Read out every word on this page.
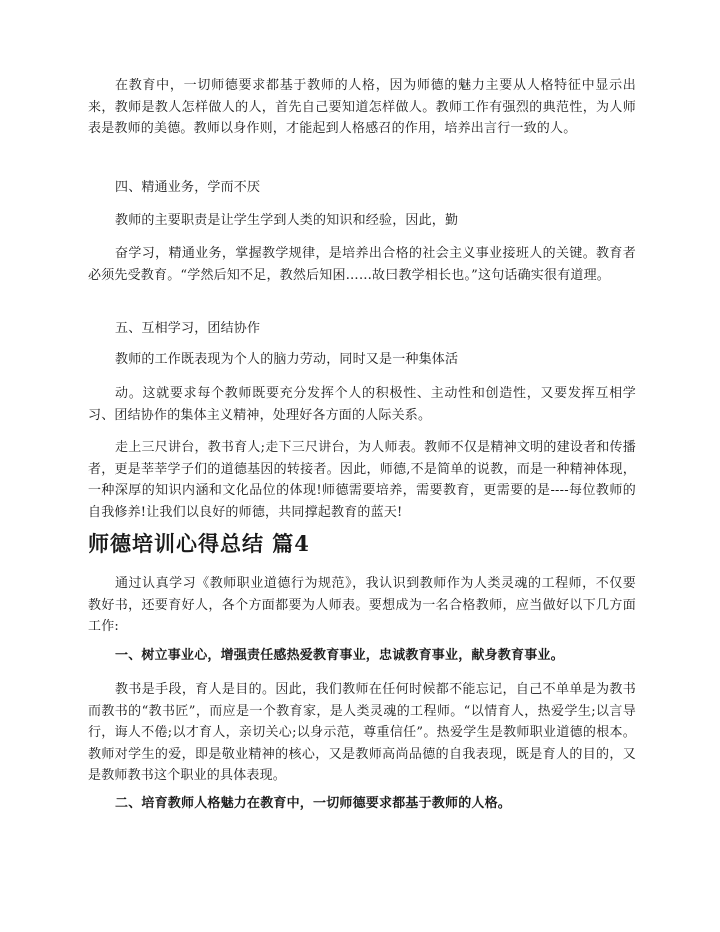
在教育中，一切师德要求都基于教师的人格，因为师德的魅力主要从人格特征中显示出来，教师是教人怎样做人的人，首先自己要知道怎样做人。教师工作有强烈的典范性，为人师表是教师的美德。教师以身作则，才能起到人格感召的作用，培养出言行一致的人。

四、精通业务，学而不厌

教师的主要职责是让学生学到人类的知识和经验，因此，勤

奋学习，精通业务，掌握教学规律，是培养出合格的社会主义事业接班人的关键。教育者必须先受教育。“学然后知不足，教然后知困……故曰教学相长也。”这句话确实很有道理。

五、互相学习，团结协作

教师的工作既表现为个人的脑力劳动，同时又是一种集体活

动。这就要求每个教师既要充分发挥个人的积极性、主动性和创造性，又要发挥互相学习、团结协作的集体主义精神，处理好各方面的人际关系。

走上三尺讲台，教书育人;走下三尺讲台，为人师表。教师不仅是精神文明的建设者和传播者，更是莘莘学子们的道德基因的转接者。因此，师德,不是简单的说教，而是一种精神体现，一种深厚的知识内涵和文化品位的体现!师德需要培养，需要教育，更需要的是----每位教师的自我修养!让我们以良好的师德，共同撑起教育的蓝天!

师德培训心得总结 篇4

通过认真学习《教师职业道德行为规范》，我认识到教师作为人类灵魂的工程师，不仅要教好书，还要育好人，各个方面都要为人师表。要想成为一名合格教师，应当做好以下几方面工作:

一、树立事业心，增强责任感热爱教育事业，忠诚教育事业，献身教育事业。

教书是手段，育人是目的。因此，我们教师在任何时候都不能忘记，自己不单单是为教书而教书的“教书匠”，而应是一个教育家，是人类灵魂的工程师。“以情育人，热爱学生;以言导行，诲人不倦;以才育人，亲切关心;以身示范，尊重信任”。热爱学生是教师职业道德的根本。教师对学生的爱，即是敬业精神的核心，又是教师高尚品德的自我表现，既是育人的目的，又是教师教书这个职业的具体表现。

二、培育教师人格魅力在教育中，一切师德要求都基于教师的人格。
